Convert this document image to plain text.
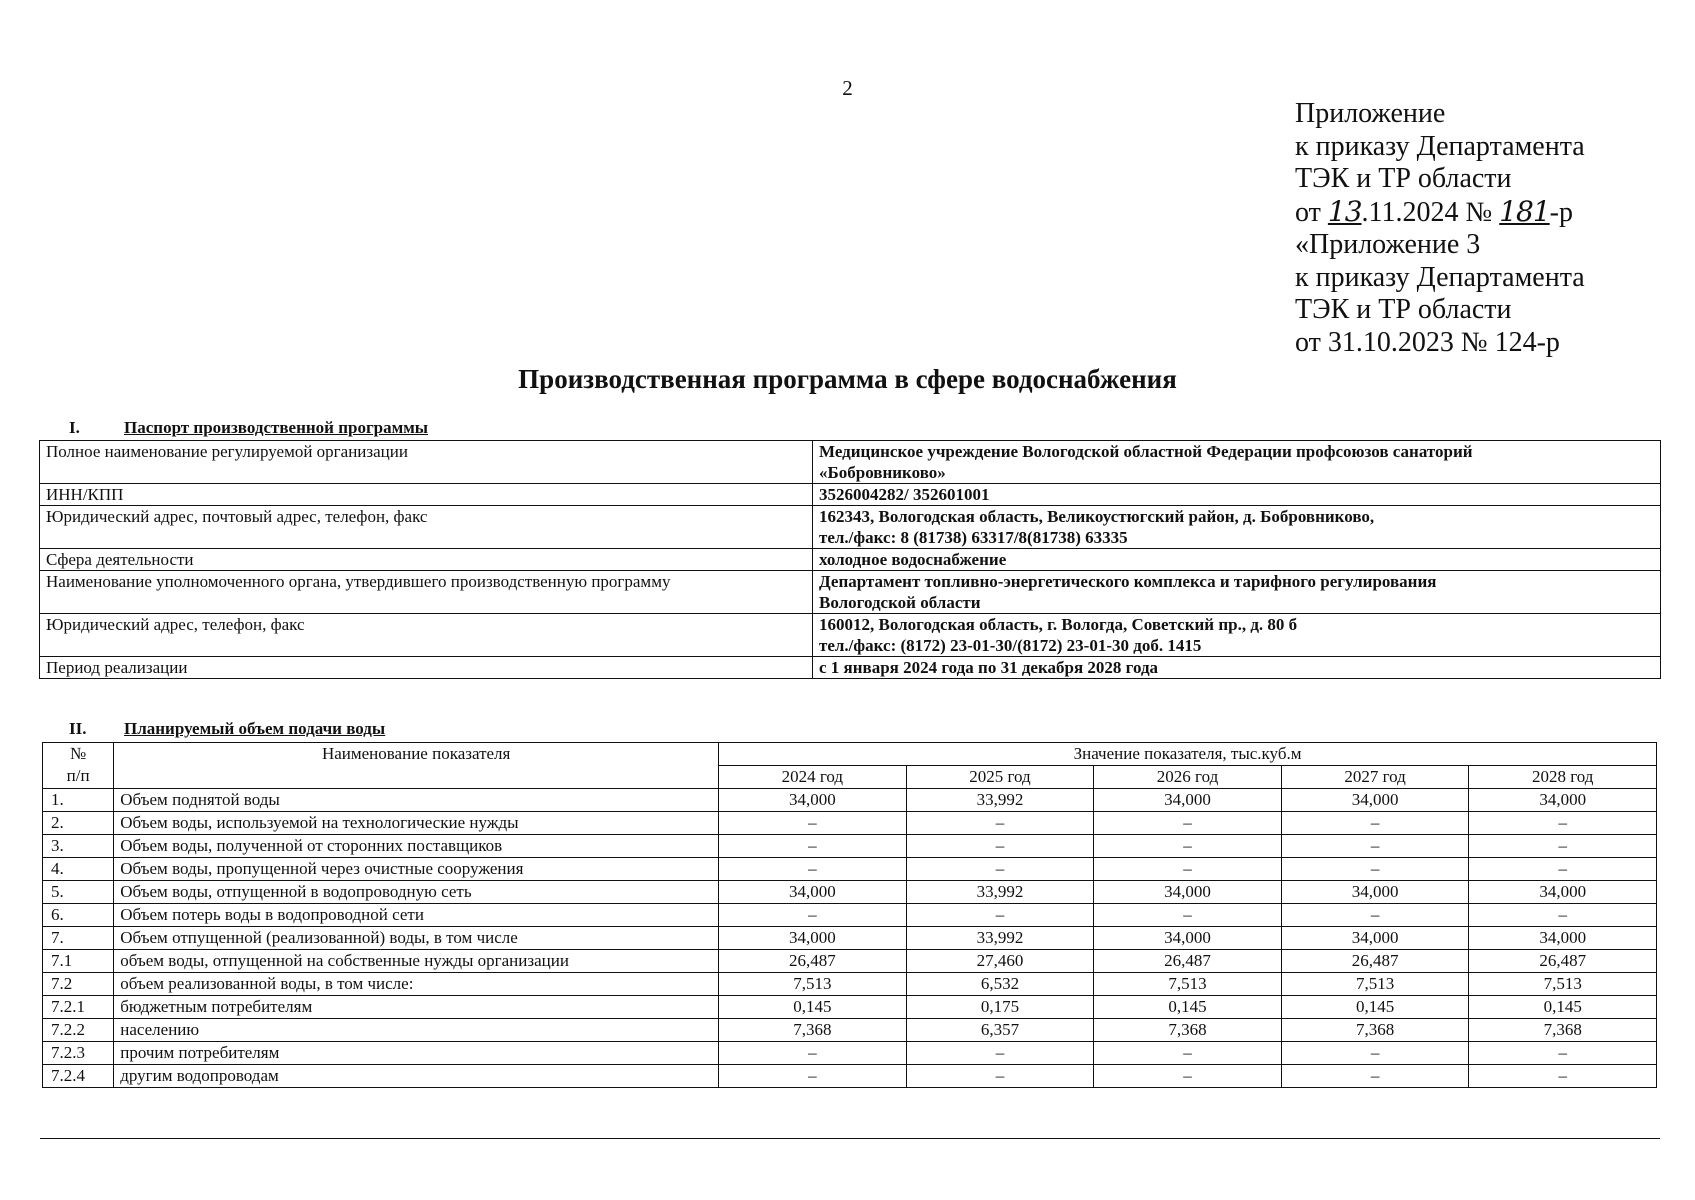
2
Приложение
к приказу Департамента
ТЭК и ТР области
от 13.11.2024 № 181-р
«Приложение 3
к приказу Департамента
ТЭК и ТР области
от 31.10.2023 № 124-р
Производственная программа в сфере водоснабжения
I.	Паспорт производственной программы
Полное наименование регулируемой организации	Медицинское учреждение Вологодской областной Федерации профсоюзов санаторий
«Бобровниково»

ИНН/КПП	3526004282/ 352601001

Юридический адрес, почтовый адрес, телефон, факс	162343, Вологодская область, Великоустюгский район, д. Бобровниково,
тел./факс: 8 (81738) 63317/8(81738) 63335

Сфера деятельности	холодное водоснабжение

Наименование уполномоченного органа, утвердившего производственную программу	Департамент топливно-энергетического комплекса и тарифного регулирования
Вологодской области

Юридический адрес, телефон, факс	160012, Вологодская область, г. Вологда, Советский пр., д. 80 б
тел./факс: (8172) 23-01-30/(8172) 23-01-30 доб. 1415

Период реализации	с 1 января 2024 года по 31 декабря 2028 года
II. Планируемый объем подачи воды
№
п/п	Наименование показателя	Значение показателя, тыс.куб.м				
		2024 год	2025 год	2026 год	2027 год	2028 год
1.	Объем поднятой воды	34,000	33,992	34,000	34,000	34,000
2.	Объем воды, используемой на технологические нужды	–	–	–	–	–
3.	Объем воды, полученной от сторонних поставщиков	–	–	–	–	–
4.	Объем воды, пропущенной через очистные сооружения	–	–	–	–	–
5.	Объем воды, отпущенной в водопроводную сеть	34,000	33,992	34,000	34,000	34,000
6.	Объем потерь воды в водопроводной сети	–	–	–	–	–
7.	Объем отпущенной (реализованной) воды, в том числе	34,000	33,992	34,000	34,000	34,000
7.1	объем воды, отпущенной на собственные нужды организации	26,487	27,460	26,487	26,487	26,487
7.2	объем реализованной воды, в том числе:	7,513	6,532	7,513	7,513	7,513
7.2.1	бюджетным потребителям	0,145	0,175	0,145	0,145	0,145
7.2.2	населению	7,368	6,357	7,368	7,368	7,368
7.2.3	прочим потребителям	–	–	–	–	–
7.2.4	другим водопроводам	–	–	–	–	–
